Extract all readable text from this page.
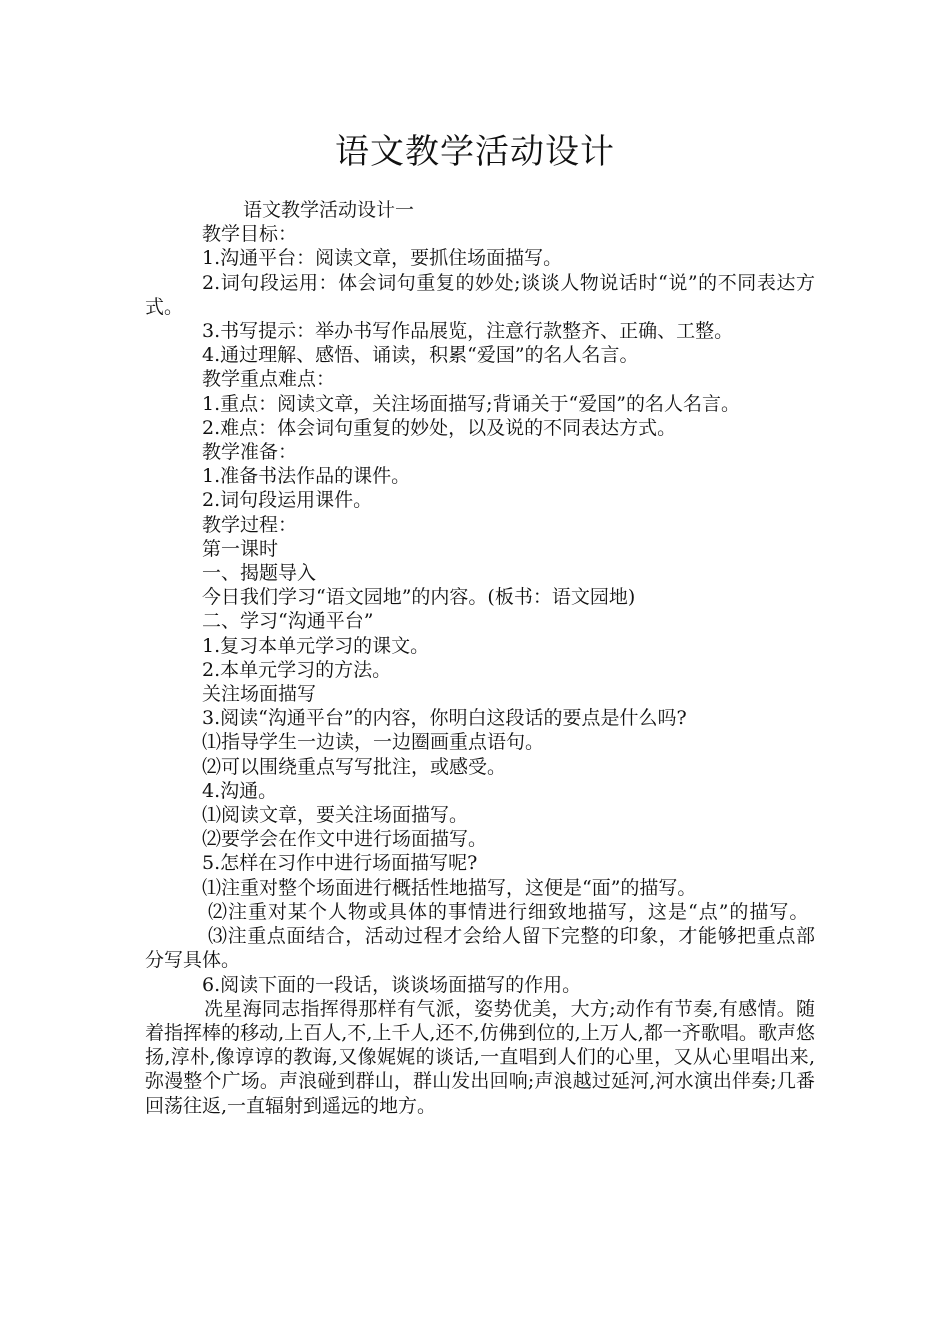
语文教学活动设计

语文教学活动设计一

教学目标：

1.沟通平台：阅读文章，要抓住场面描写。

2.词句段运用：体会词句重复的妙处;谈谈人物说话时“说”的不同表达方式。

3.书写提示：举办书写作品展览，注意行款整齐、正确、工整。

4.通过理解、感悟、诵读，积累“爱国”的名人名言。

教学重点难点：

1.重点：阅读文章，关注场面描写;背诵关于“爱国”的名人名言。

2.难点：体会词句重复的妙处，以及说的不同表达方式。

教学准备：

1.准备书法作品的课件。

2.词句段运用课件。

教学过程：

第一课时

一、揭题导入

今日我们学习“语文园地”的内容。(板书：语文园地)

二、学习“沟通平台”

1.复习本单元学习的课文。

2.本单元学习的方法。

关注场面描写

3.阅读“沟通平台”的内容，你明白这段话的要点是什么吗?

⑴指导学生一边读，一边圈画重点语句。

⑵可以围绕重点写写批注，或感受。

4.沟通。

⑴阅读文章，要关注场面描写。

⑵要学会在作文中进行场面描写。

5.怎样在习作中进行场面描写呢?

⑴注重对整个场面进行概括性地描写，这便是“面”的描写。

⑵注重对某个人物或具体的事情进行细致地描写，这是“点”的描写。

⑶注重点面结合，活动过程才会给人留下完整的印象，才能够把重点部分写具体。

6.阅读下面的一段话，谈谈场面描写的作用。

冼星海同志指挥得那样有气派，姿势优美，大方;动作有节奏,有感情。随着指挥棒的移动,上百人,不,上千人,还不,仿佛到位的,上万人,都一齐歌唱。歌声悠扬,淳朴,像谆谆的教诲,又像娓娓的谈话,一直唱到人们的心里，又从心里唱出来,弥漫整个广场。声浪碰到群山，群山发出回响;声浪越过延河,河水演出伴奏;几番回荡往返,一直辐射到遥远的地方。
